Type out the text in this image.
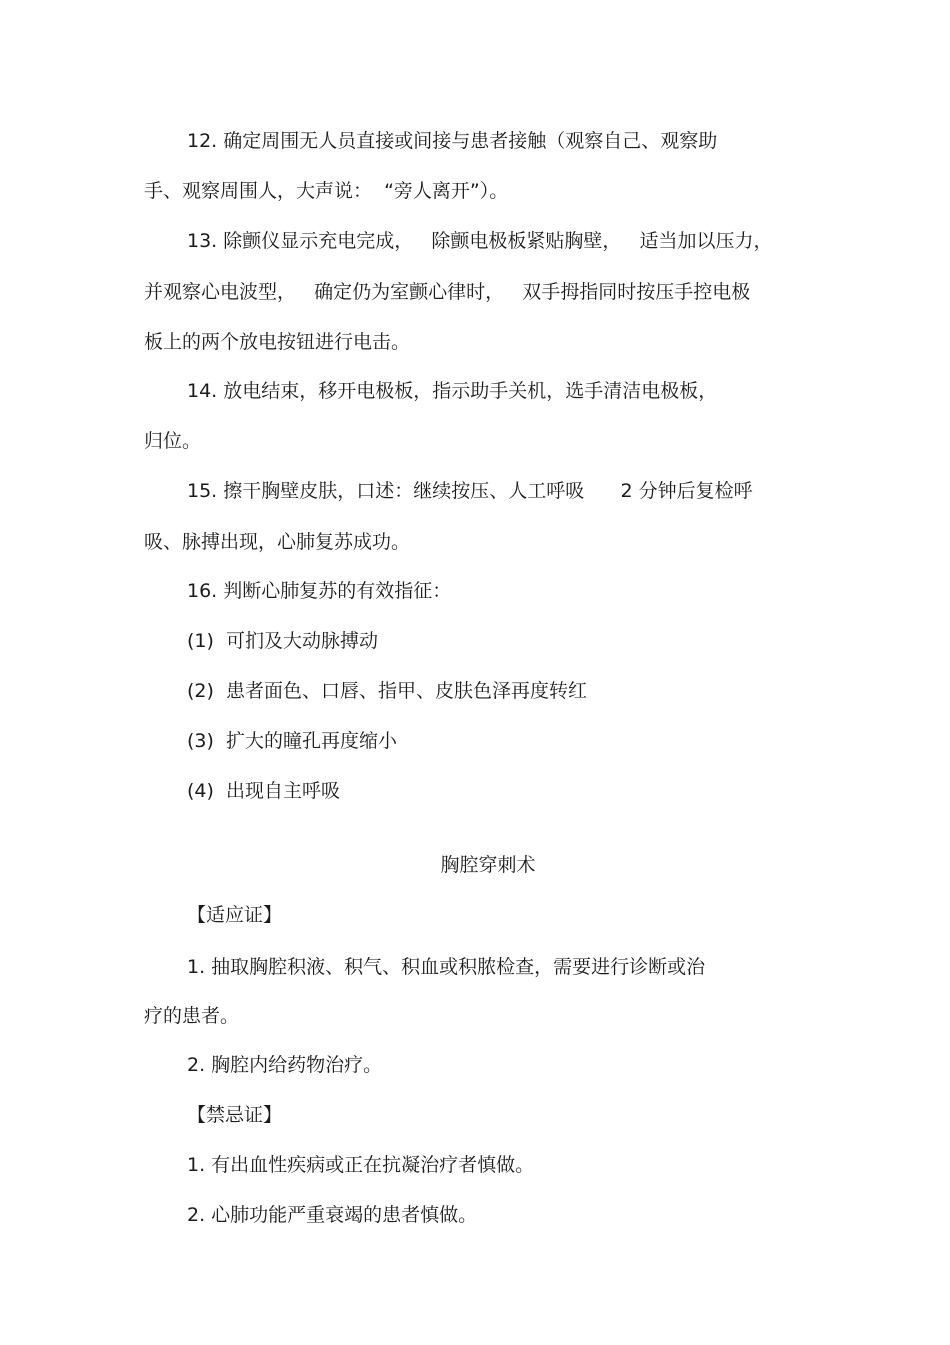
12. 确定周围无人员直接或间接与患者接触（观察自己、观察助
手、观察周围人，大声说：  “旁人离开”）。
13. 除颤仪显示充电完成，   除颤电极板紧贴胸壁，   适当加以压力，
并观察心电波型，   确定仍为室颤心律时，   双手拇指同时按压手控电极
板上的两个放电按钮进行电击。
14. 放电结束，移开电极板，指示助手关机，选手清洁电极板，
归位。
15. 擦干胸壁皮肤，口述：继续按压、人工呼吸      2 分钟后复检呼
吸、脉搏出现，心肺复苏成功。
16. 判断心肺复苏的有效指征：
(1)  可扪及大动脉搏动
(2)  患者面色、口唇、指甲、皮肤色泽再度转红
(3)  扩大的瞳孔再度缩小
(4)  出现自主呼吸
胸腔穿刺术
【适应证】
1. 抽取胸腔积液、积气、积血或积脓检查，需要进行诊断或治
疗的患者。
2. 胸腔内给药物治疗。
【禁忌证】
1. 有出血性疾病或正在抗凝治疗者慎做。
2. 心肺功能严重衰竭的患者慎做。
